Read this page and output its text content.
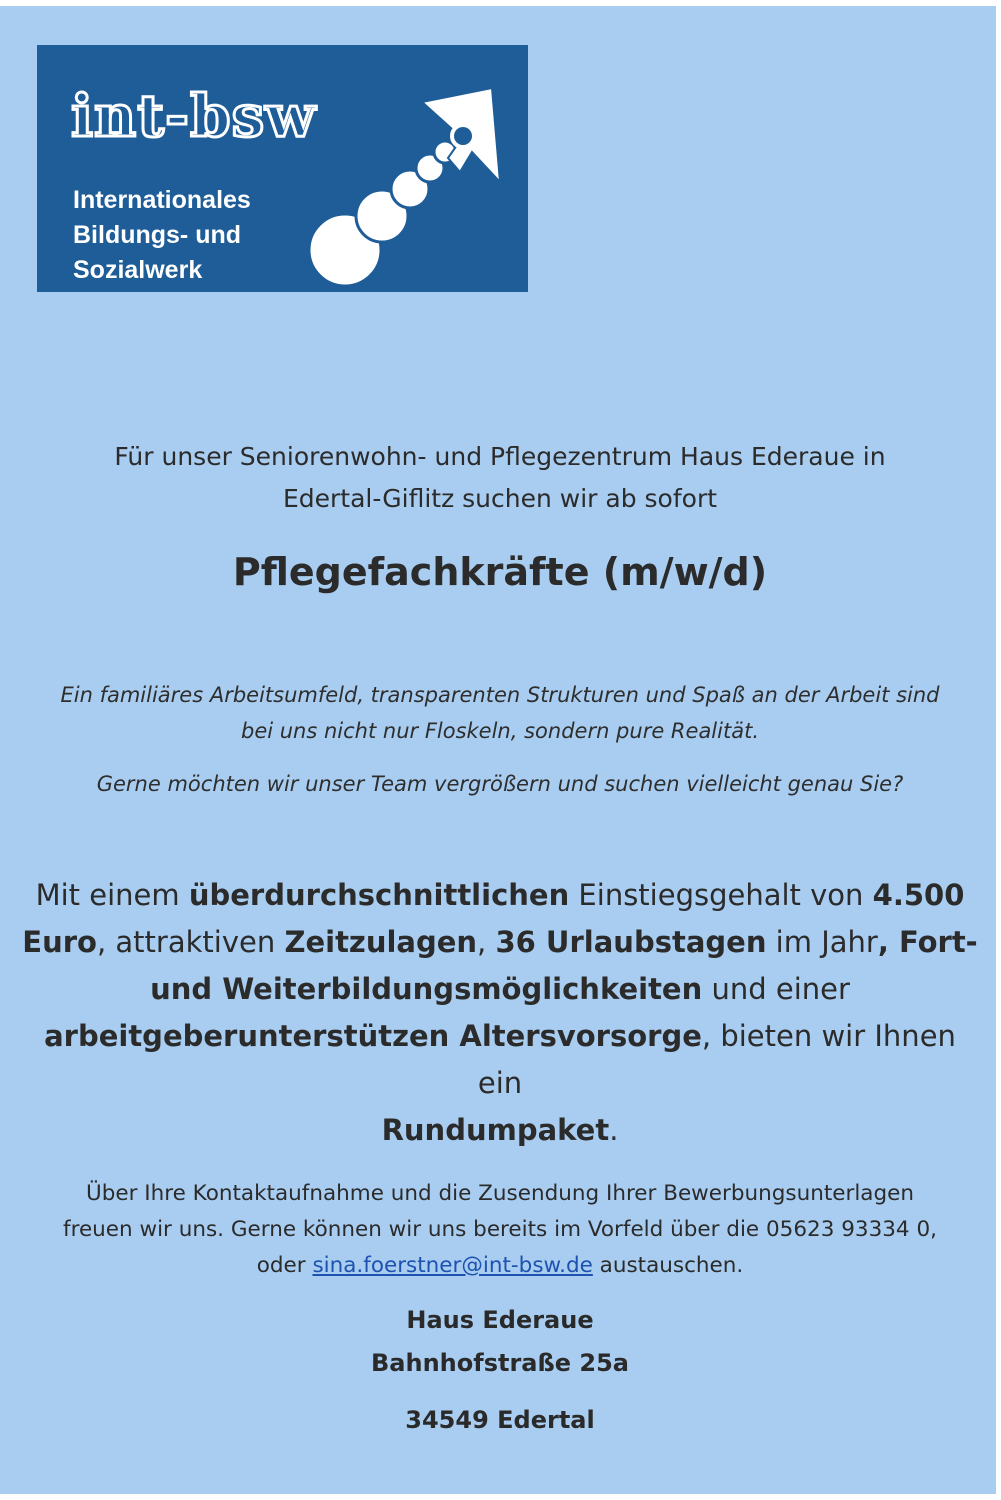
int-bsw
Internationales
Bildungs- und
Sozialwerk
Für unser Seniorenwohn- und Pflegezentrum Haus Ederaue in
Edertal-Giflitz suchen wir ab sofort
Pflegefachkräfte (m/w/d)
Ein familiäres Arbeitsumfeld, transparenten Strukturen und Spaß an der Arbeit sind
bei uns nicht nur Floskeln, sondern pure Realität.
Gerne möchten wir unser Team vergrößern und suchen vielleicht genau Sie?
Mit einem überdurchschnittlichen Einstiegsgehalt von 4.500
Euro, attraktiven Zeitzulagen, 36 Urlaubstagen im Jahr, Fort-
und Weiterbildungsmöglichkeiten und einer
arbeitgeberunterstützen Altersvorsorge, bieten wir Ihnen ein
Rundumpaket.
Über Ihre Kontaktaufnahme und die Zusendung Ihrer Bewerbungsunterlagen
freuen wir uns. Gerne können wir uns bereits im Vorfeld über die 05623 93334 0,
oder sina.foerstner@int-bsw.de austauschen.
Haus Ederaue
Bahnhofstraße 25a
34549 Edertal
